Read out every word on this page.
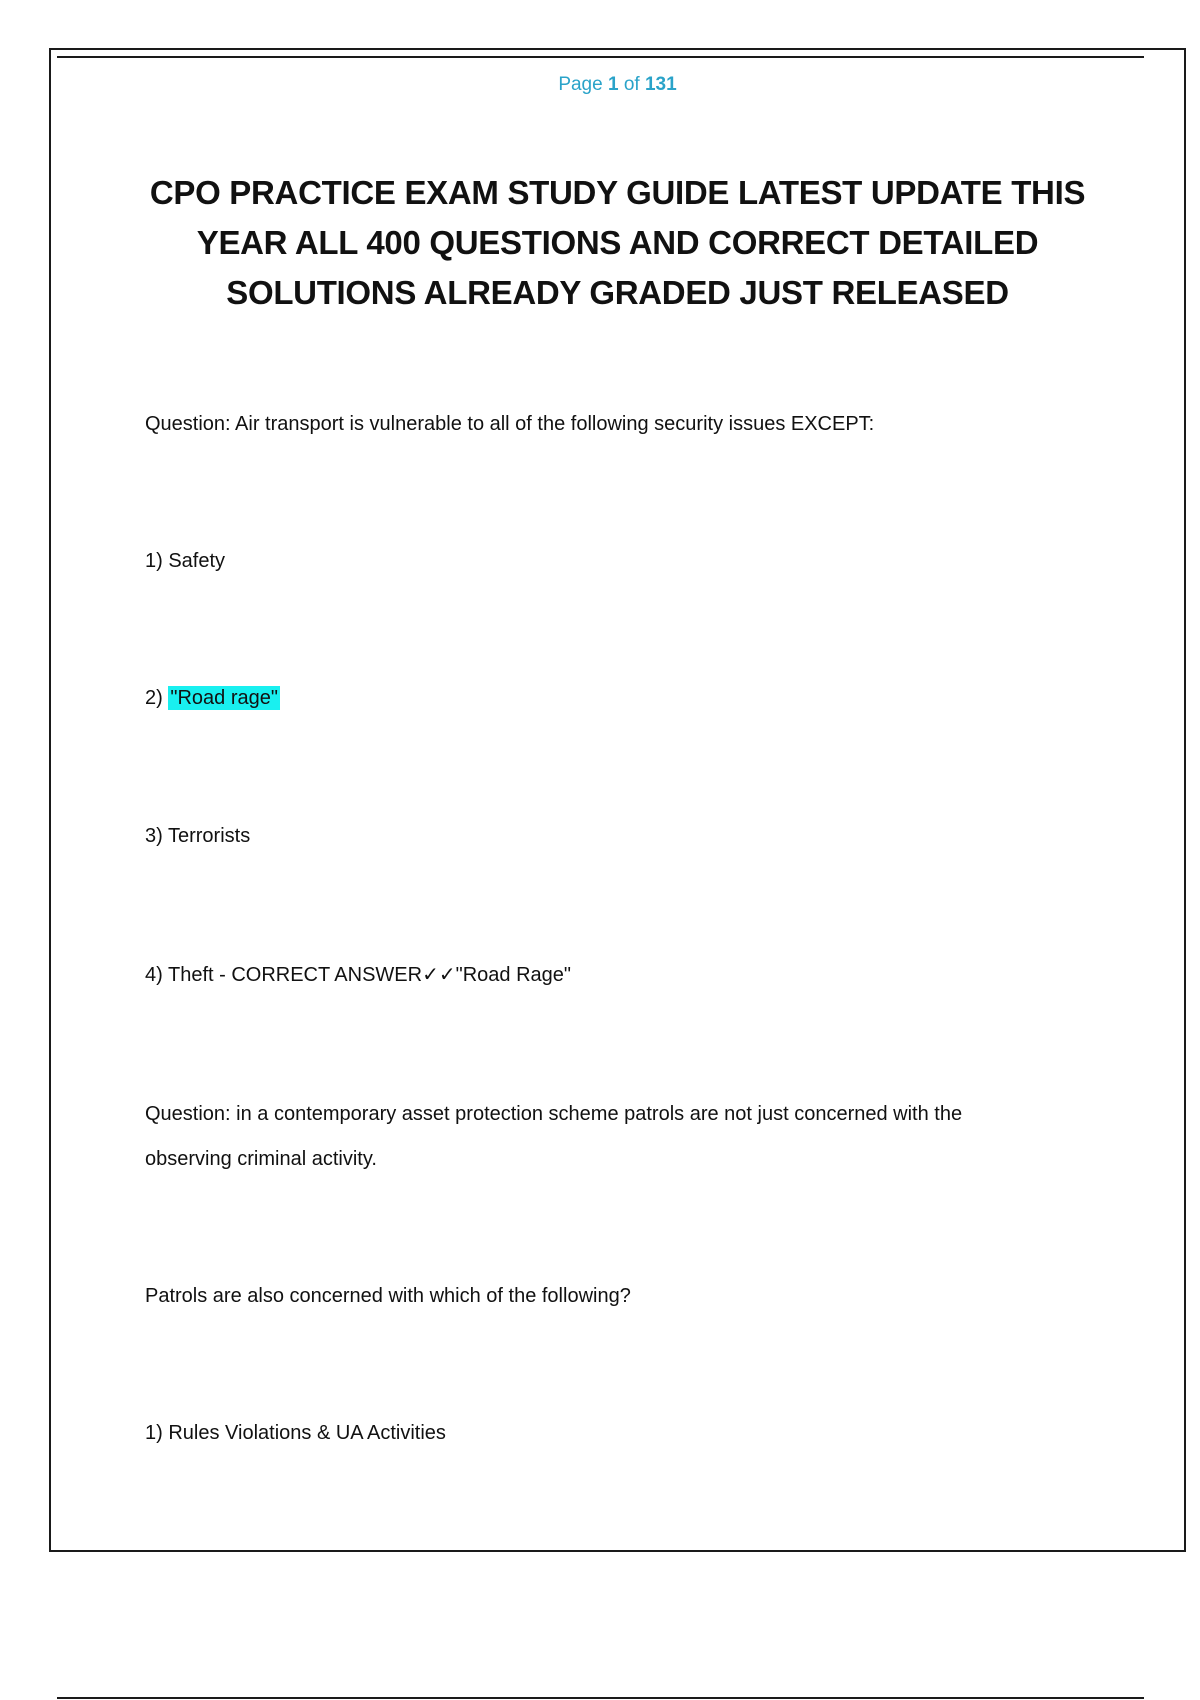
Page 1 of 131
CPO PRACTICE EXAM STUDY GUIDE LATEST UPDATE THIS YEAR ALL 400 QUESTIONS AND CORRECT DETAILED SOLUTIONS ALREADY GRADED JUST RELEASED
Question: Air transport is vulnerable to all of the following security issues EXCEPT:
1) Safety
2) "Road rage"
3) Terrorists
4) Theft - CORRECT ANSWER✓✓"Road Rage"
Question: in a contemporary asset protection scheme patrols are not just concerned with the
observing criminal activity.
Patrols are also concerned with which of the following?
1) Rules Violations & UA Activities
